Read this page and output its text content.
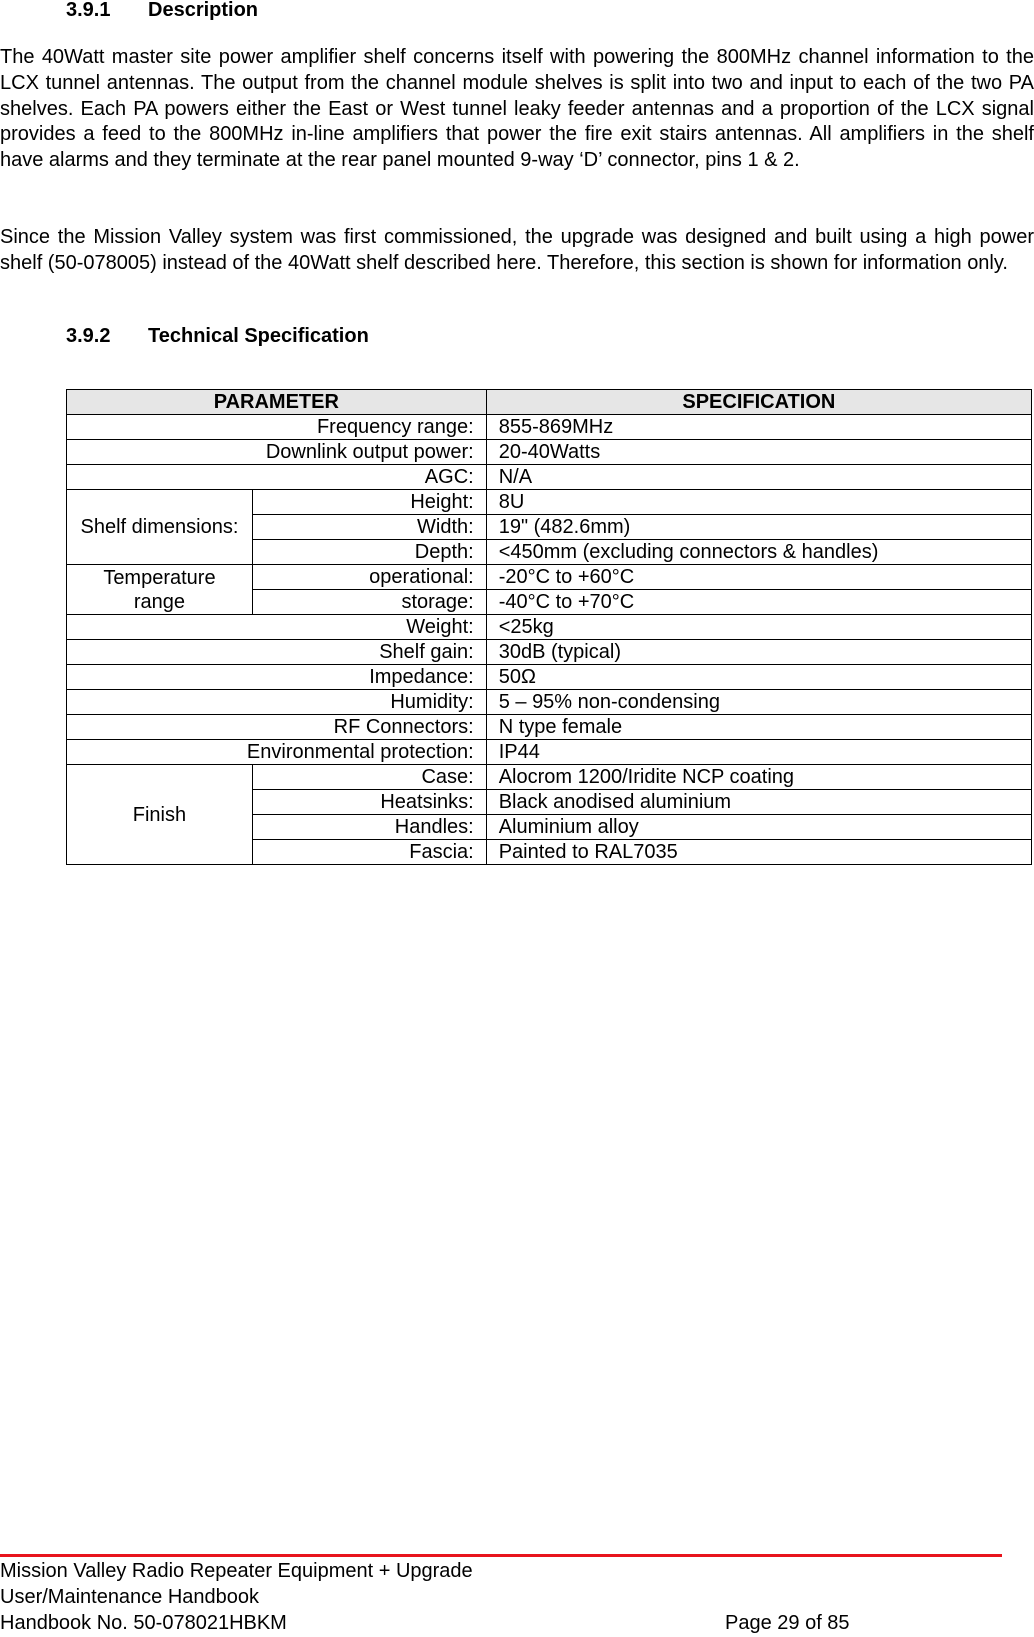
3.9.1 Description

The 40Watt master site power amplifier shelf concerns itself with powering the 800MHz channel information to the LCX tunnel antennas. The output from the channel module shelves is split into two and input to each of the two PA shelves. Each PA powers either the East or West tunnel leaky feeder antennas and a proportion of the LCX signal provides a feed to the 800MHz in-line amplifiers that power the fire exit stairs antennas. All amplifiers in the shelf have alarms and they terminate at the rear panel mounted 9-way ‘D’ connector, pins 1 & 2.

Since the Mission Valley system was first commissioned, the upgrade was designed and built using a high power shelf (50-078005) instead of the 40Watt shelf described here. Therefore, this section is shown for information only.

3.9.2 Technical Specification
PARAMETER		SPECIFICATION
Frequency range:		855-869MHz
Downlink output power:		20-40Watts
AGC:		N/A
Shelf dimensions:	Height:	8U
	Width:	19" (482.6mm)
	Depth:	<450mm (excluding connectors & handles)
Temperature range	operational:	-20°C to +60°C
	storage:	-40°C to +70°C
Weight:		<25kg
Shelf gain:		30dB (typical)
Impedance:		50Ω
Humidity:		5 – 95% non-condensing
RF Connectors:		N type female
Environmental protection:		IP44
Finish	Case:	Alocrom 1200/Iridite NCP coating
	Heatsinks:	Black anodised aluminium
	Handles:	Aluminium alloy
	Fascia:	Painted to RAL7035
Mission Valley Radio Repeater Equipment + Upgrade
User/Maintenance Handbook
Handbook No. 50-078021HBKM	Page 29 of 85
